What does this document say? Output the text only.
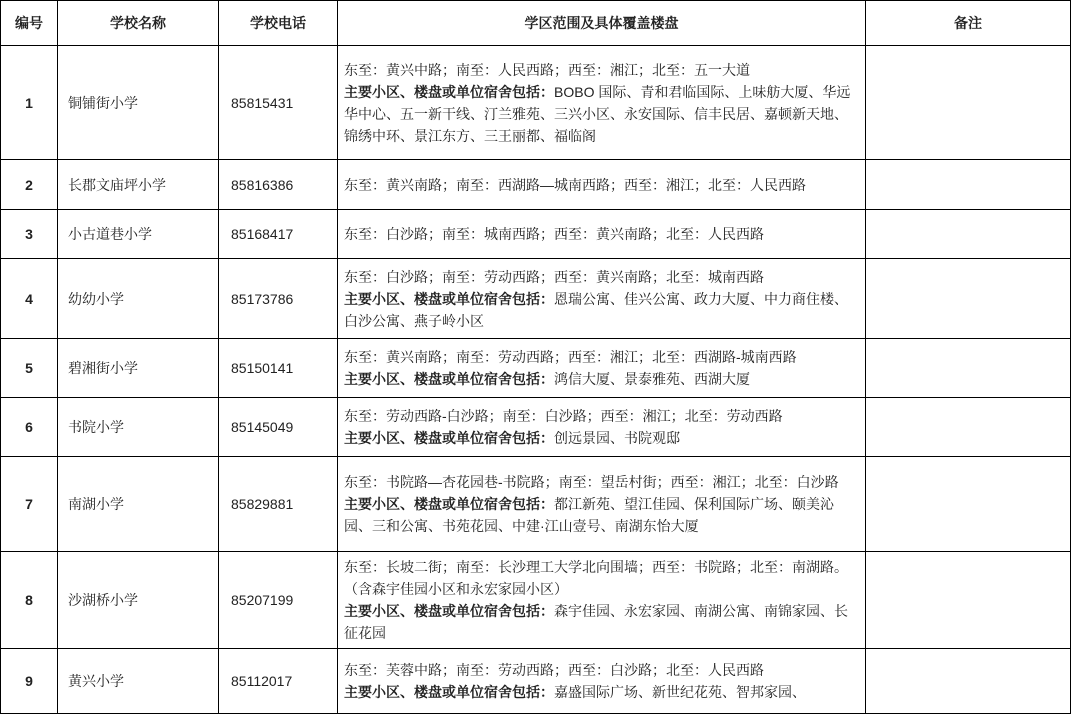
编号	学校名称	学校电话	学区范围及具体覆盖楼盘	备注
1	铜铺街小学	85815431	东至：黄兴中路；南至：人民西路；西至：湘江；北至：五一大道
主要小区、楼盘或单位宿舍包括：BOBO 国际、青和君临国际、上味舫大厦、华远华中心、五一新干线、汀兰雅苑、三兴小区、永安国际、信丰民居、嘉顿新天地、锦绣中环、景江东方、三王丽都、福临阁	

2	长郡文庙坪小学	85816386	东至：黄兴南路；南至：西湖路—城南西路；西至：湘江；北至：人民西路	

3	小古道巷小学	85168417	东至：白沙路；南至：城南西路；西至：黄兴南路；北至：人民西路	

4	幼幼小学	85173786	东至：白沙路；南至：劳动西路；西至：黄兴南路；北至：城南西路
主要小区、楼盘或单位宿舍包括：恩瑞公寓、佳兴公寓、政力大厦、中力商住楼、白沙公寓、燕子岭小区	

5	碧湘街小学	85150141	东至：黄兴南路；南至：劳动西路；西至：湘江；北至：西湖路-城南西路
主要小区、楼盘或单位宿舍包括：鸿信大厦、景泰雅苑、西湖大厦	

6	书院小学	85145049	东至：劳动西路-白沙路；南至：白沙路；西至：湘江；北至：劳动西路
主要小区、楼盘或单位宿舍包括：创远景园、书院观邸	

7	南湖小学	85829881	东至：书院路—杏花园巷-书院路；南至：望岳村街；西至：湘江；北至：白沙路
主要小区、楼盘或单位宿舍包括：都江新苑、望江佳园、保利国际广场、颐美沁园、三和公寓、书苑花园、中建·江山壹号、南湖东怡大厦	

8	沙湖桥小学	85207199	东至：长坡二街；南至：长沙理工大学北向围墙；西至：书院路；北至：南湖路。（含森宇佳园小区和永宏家园小区）
主要小区、楼盘或单位宿舍包括：森宇佳园、永宏家园、南湖公寓、南锦家园、长征花园	

9	黄兴小学	85112017	东至：芙蓉中路；南至：劳动西路；西至：白沙路；北至：人民西路
主要小区、楼盘或单位宿舍包括：嘉盛国际广场、新世纪花苑、智邦家园、	
